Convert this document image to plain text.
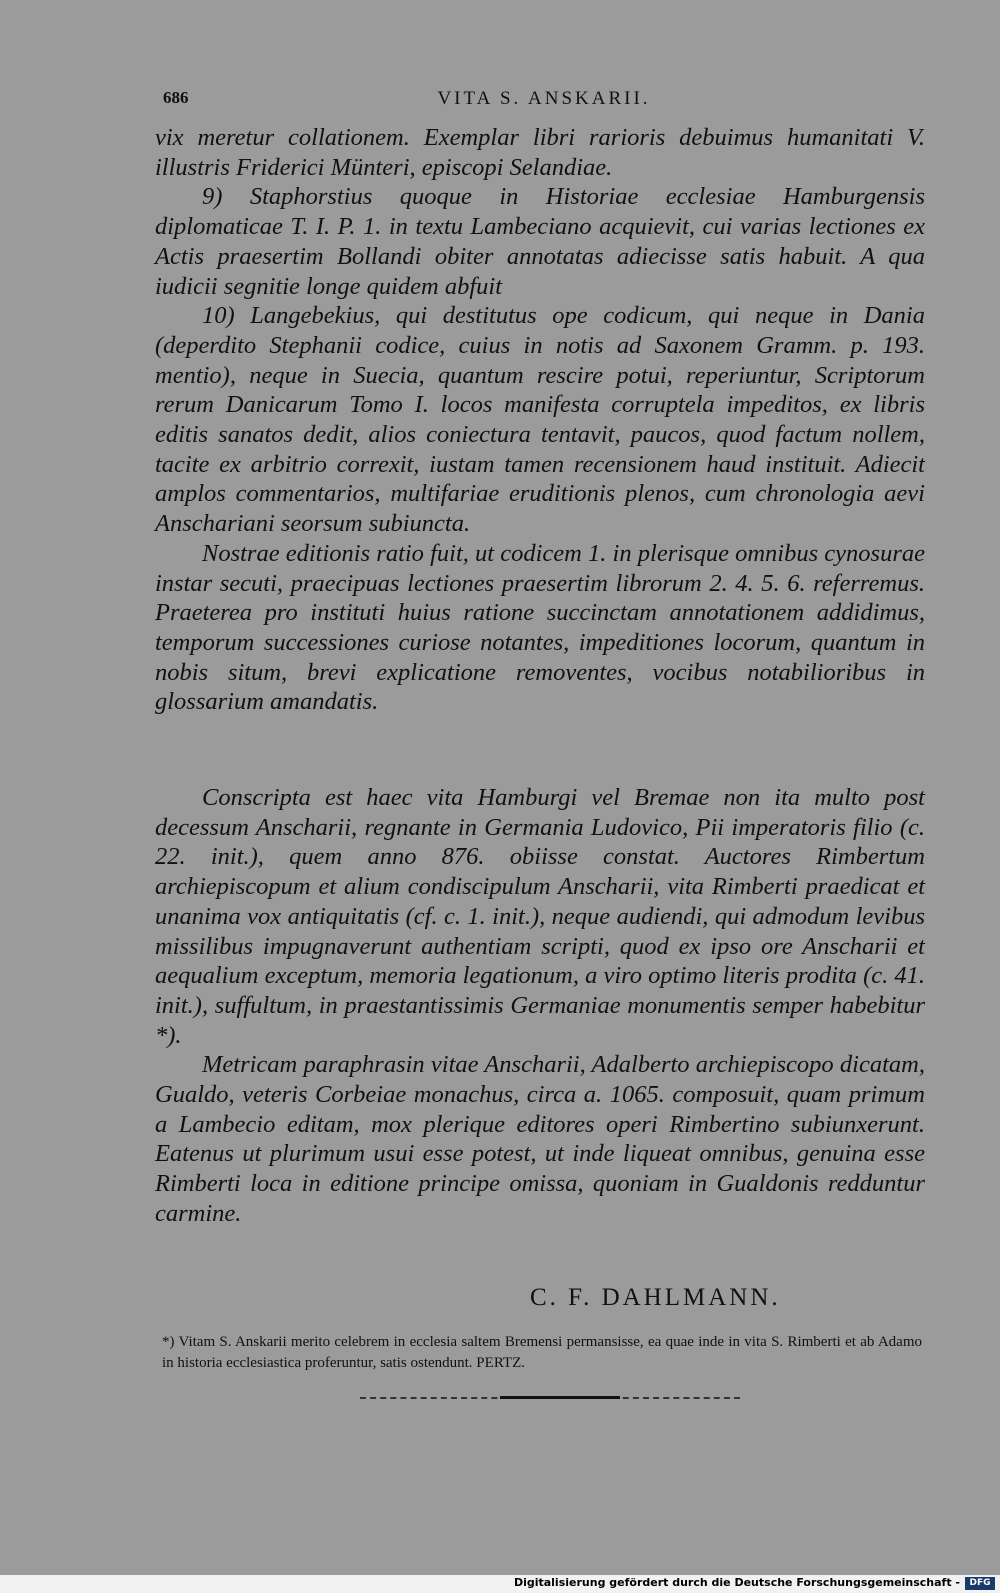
686	VITA S. ANSKARII.

vix meretur collationem. Exemplar libri rarioris debuimus humanitati V. illustris Friderici Münteri, episcopi Selandiae.

9) Staphorstius quoque in Historiae ecclesiae Hamburgensis diplomaticae T. I. P. 1. in textu Lambeciano acquievit, cui varias lectiones ex Actis praesertim Bollandi obiter annotatas adiecisse satis habuit. A qua iudicii segnitie longe quidem abfuit

10) Langebekius, qui destitutus ope codicum, qui neque in Dania (deperdito Stephanii codice, cuius in notis ad Saxonem Gramm. p. 193. mentio), neque in Suecia, quantum rescire potui, reperiuntur, Scriptorum rerum Danicarum Tomo I. locos manifesta corruptela impeditos, ex libris editis sanatos dedit, alios coniectura tentavit, paucos, quod factum nollem, tacite ex arbitrio correxit, iustam tamen recensionem haud instituit. Adiecit amplos commentarios, multifariae eruditionis plenos, cum chronologia aevi Anschariani seorsum subiuncta.

Nostrae editionis ratio fuit, ut codicem 1. in plerisque omnibus cynosurae instar secuti, praecipuas lectiones praesertim librorum 2. 4. 5. 6. referremus. Praeterea pro instituti huius ratione succinctam annotationem addidimus, temporum successiones curiose notantes, impeditiones locorum, quantum in nobis situm, brevi explicatione removentes, vocibus notabilioribus in glossarium amandatis.

Conscripta est haec vita Hamburgi vel Bremae non ita multo post decessum Anscharii, regnante in Germania Ludovico, Pii imperatoris filio (c. 22. init.), quem anno 876. obiisse constat. Auctores Rimbertum archiepiscopum et alium condiscipulum Anscharii, vita Rimberti praedicat et unanima vox antiquitatis (cf. c. 1. init.), neque audiendi, qui admodum levibus missilibus impugnaverunt authentiam scripti, quod ex ipso ore Anscharii et aequalium exceptum, memoria legationum, a viro optimo literis prodita (c. 41. init.), suffultum, in praestantissimis Germaniae monumentis semper habebitur *).

Metricam paraphrasin vitae Anscharii, Adalberto archiepiscopo dicatam, Gualdo, veteris Corbeiae monachus, circa a. 1065. composuit, quam primum a Lambecio editam, mox plerique editores operi Rimbertino subiunxerunt. Eatenus ut plurimum usui esse potest, ut inde liqueat omnibus, genuina esse Rimberti loca in editione principe omissa, quoniam in Gualdonis redduntur carmine.

C. F. DAHLMANN.

*) Vitam S. Anskarii merito celebrem in ecclesia saltem Bremensi permansisse, ea quae inde in vita S. Rimberti et ab Adamo in historia ecclesiastica proferuntur, satis ostendunt. PERTZ.

Digitalisierung gefördert durch die Deutsche Forschungsgemeinschaft -	DFG
